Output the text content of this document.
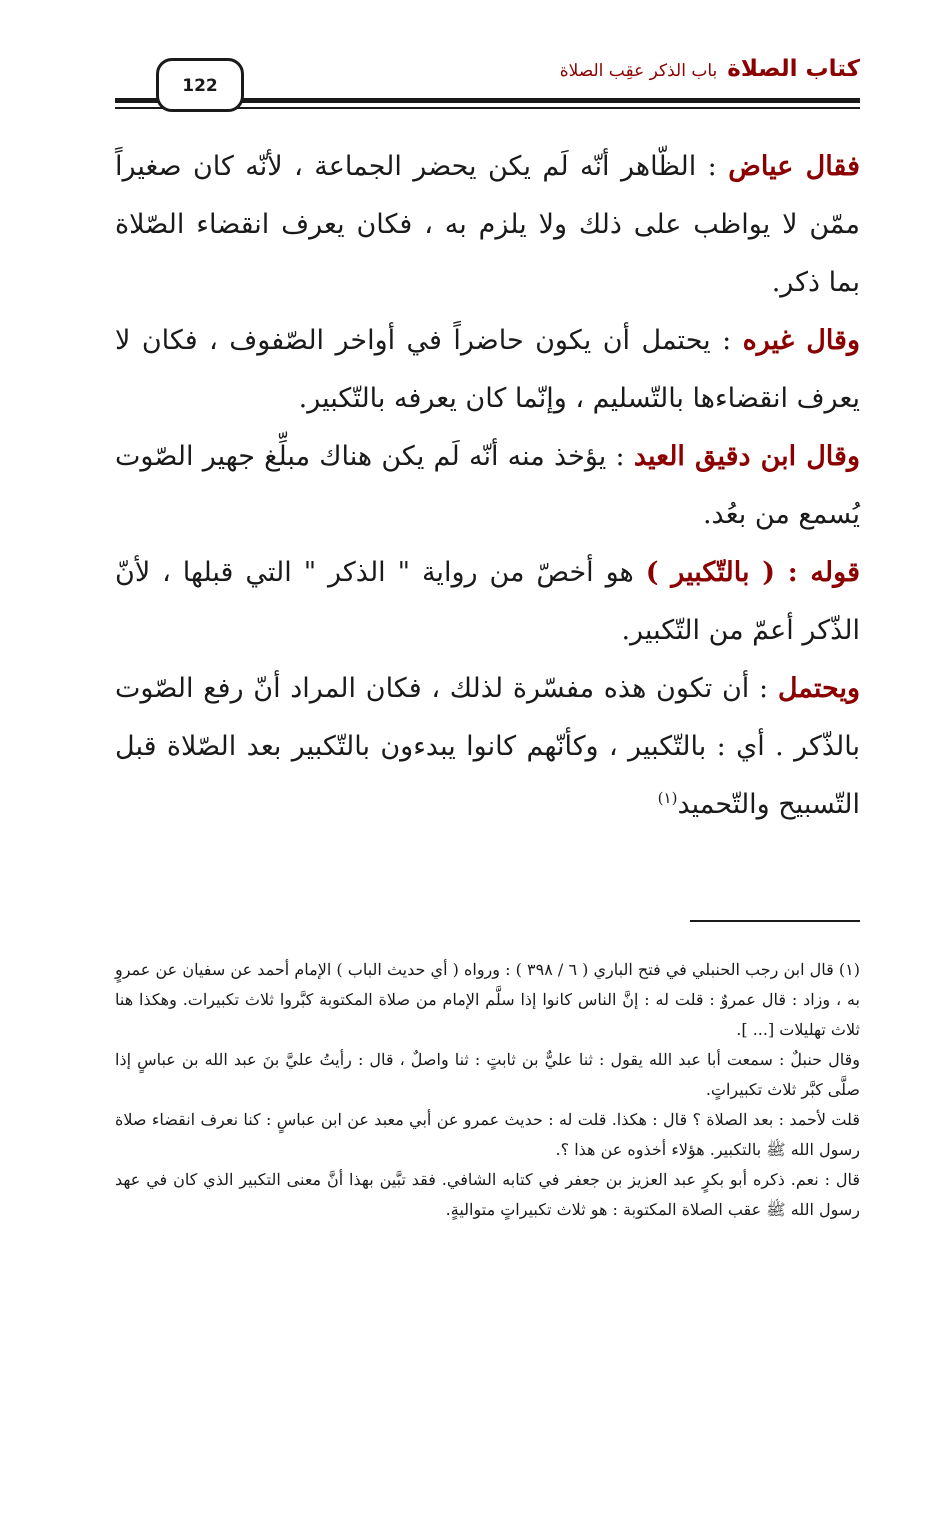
كتاب الصلاةباب الذكر عقِب الصلاة
122

فقال عياض : الظّاهر أنّه لَم يكن يحضر الجماعة ، لأنّه كان صغيراً ممّن لا يواظب على ذلك ولا يلزم به ، فكان يعرف انقضاء الصّلاة بما ذكر.

وقال غيره : يحتمل أن يكون حاضراً في أواخر الصّفوف ، فكان لا يعرف انقضاءها بالتّسليم ، وإنّما كان يعرفه بالتّكبير.

وقال ابن دقيق العيد : يؤخذ منه أنّه لَم يكن هناك مبلِّغ جهير الصّوت يُسمع من بعُد.

قوله : ( بالتّكبير ) هو أخصّ من رواية " الذكر " التي قبلها ، لأنّ الذّكر أعمّ من التّكبير.

ويحتمل : أن تكون هذه مفسّرة لذلك ، فكان المراد أنّ رفع الصّوت بالذّكر . أي : بالتّكبير ، وكأنّهم كانوا يبدءون بالتّكبير بعد الصّلاة قبل التّسبيح والتّحميد$^{(١)}$

(١) قال ابن رجب الحنبلي في فتح الباري ( ٦ / ٣٩٨ ) : ورواه ( أي حديث الباب ) الإمام أحمد عن سفيان عن عمروٍ به ، وزاد : قال عمروٌ : قلت له : إنَّ الناس كانوا إذا سلَّم الإمام من صلاة المكتوبة كبَّروا ثلاث تكبيرات. وهكذا هنا ثلاث تهليلات [... ].

وقال حنبلٌ : سمعت أبا عبد الله يقول : ثنا عليٌّ بن ثابتٍ : ثنا واصلٌ ، قال : رأيتُ عليَّ بنَ عبد الله بن عباسٍ إذا صلَّى كبَّر ثلاث تكبيراتٍ.

قلت لأحمد : بعد الصلاة ؟ قال : هكذا. قلت له : حديث عمرو عن أبي معبد عن ابن عباسٍ : كنا نعرف انقضاء صلاة رسول الله ﷺ بالتكبير. هؤلاء أخذوه عن هذا ؟.

قال : نعم. ذكره أبو بكرٍ عبد العزيز بن جعفر في كتابه الشافي. فقد تبَّين بهذا أنَّ معنى التكبير الذي كان في عهد رسول الله ﷺ عقب الصلاة المكتوبة : هو ثلاث تكبيراتٍ متواليةٍ.
